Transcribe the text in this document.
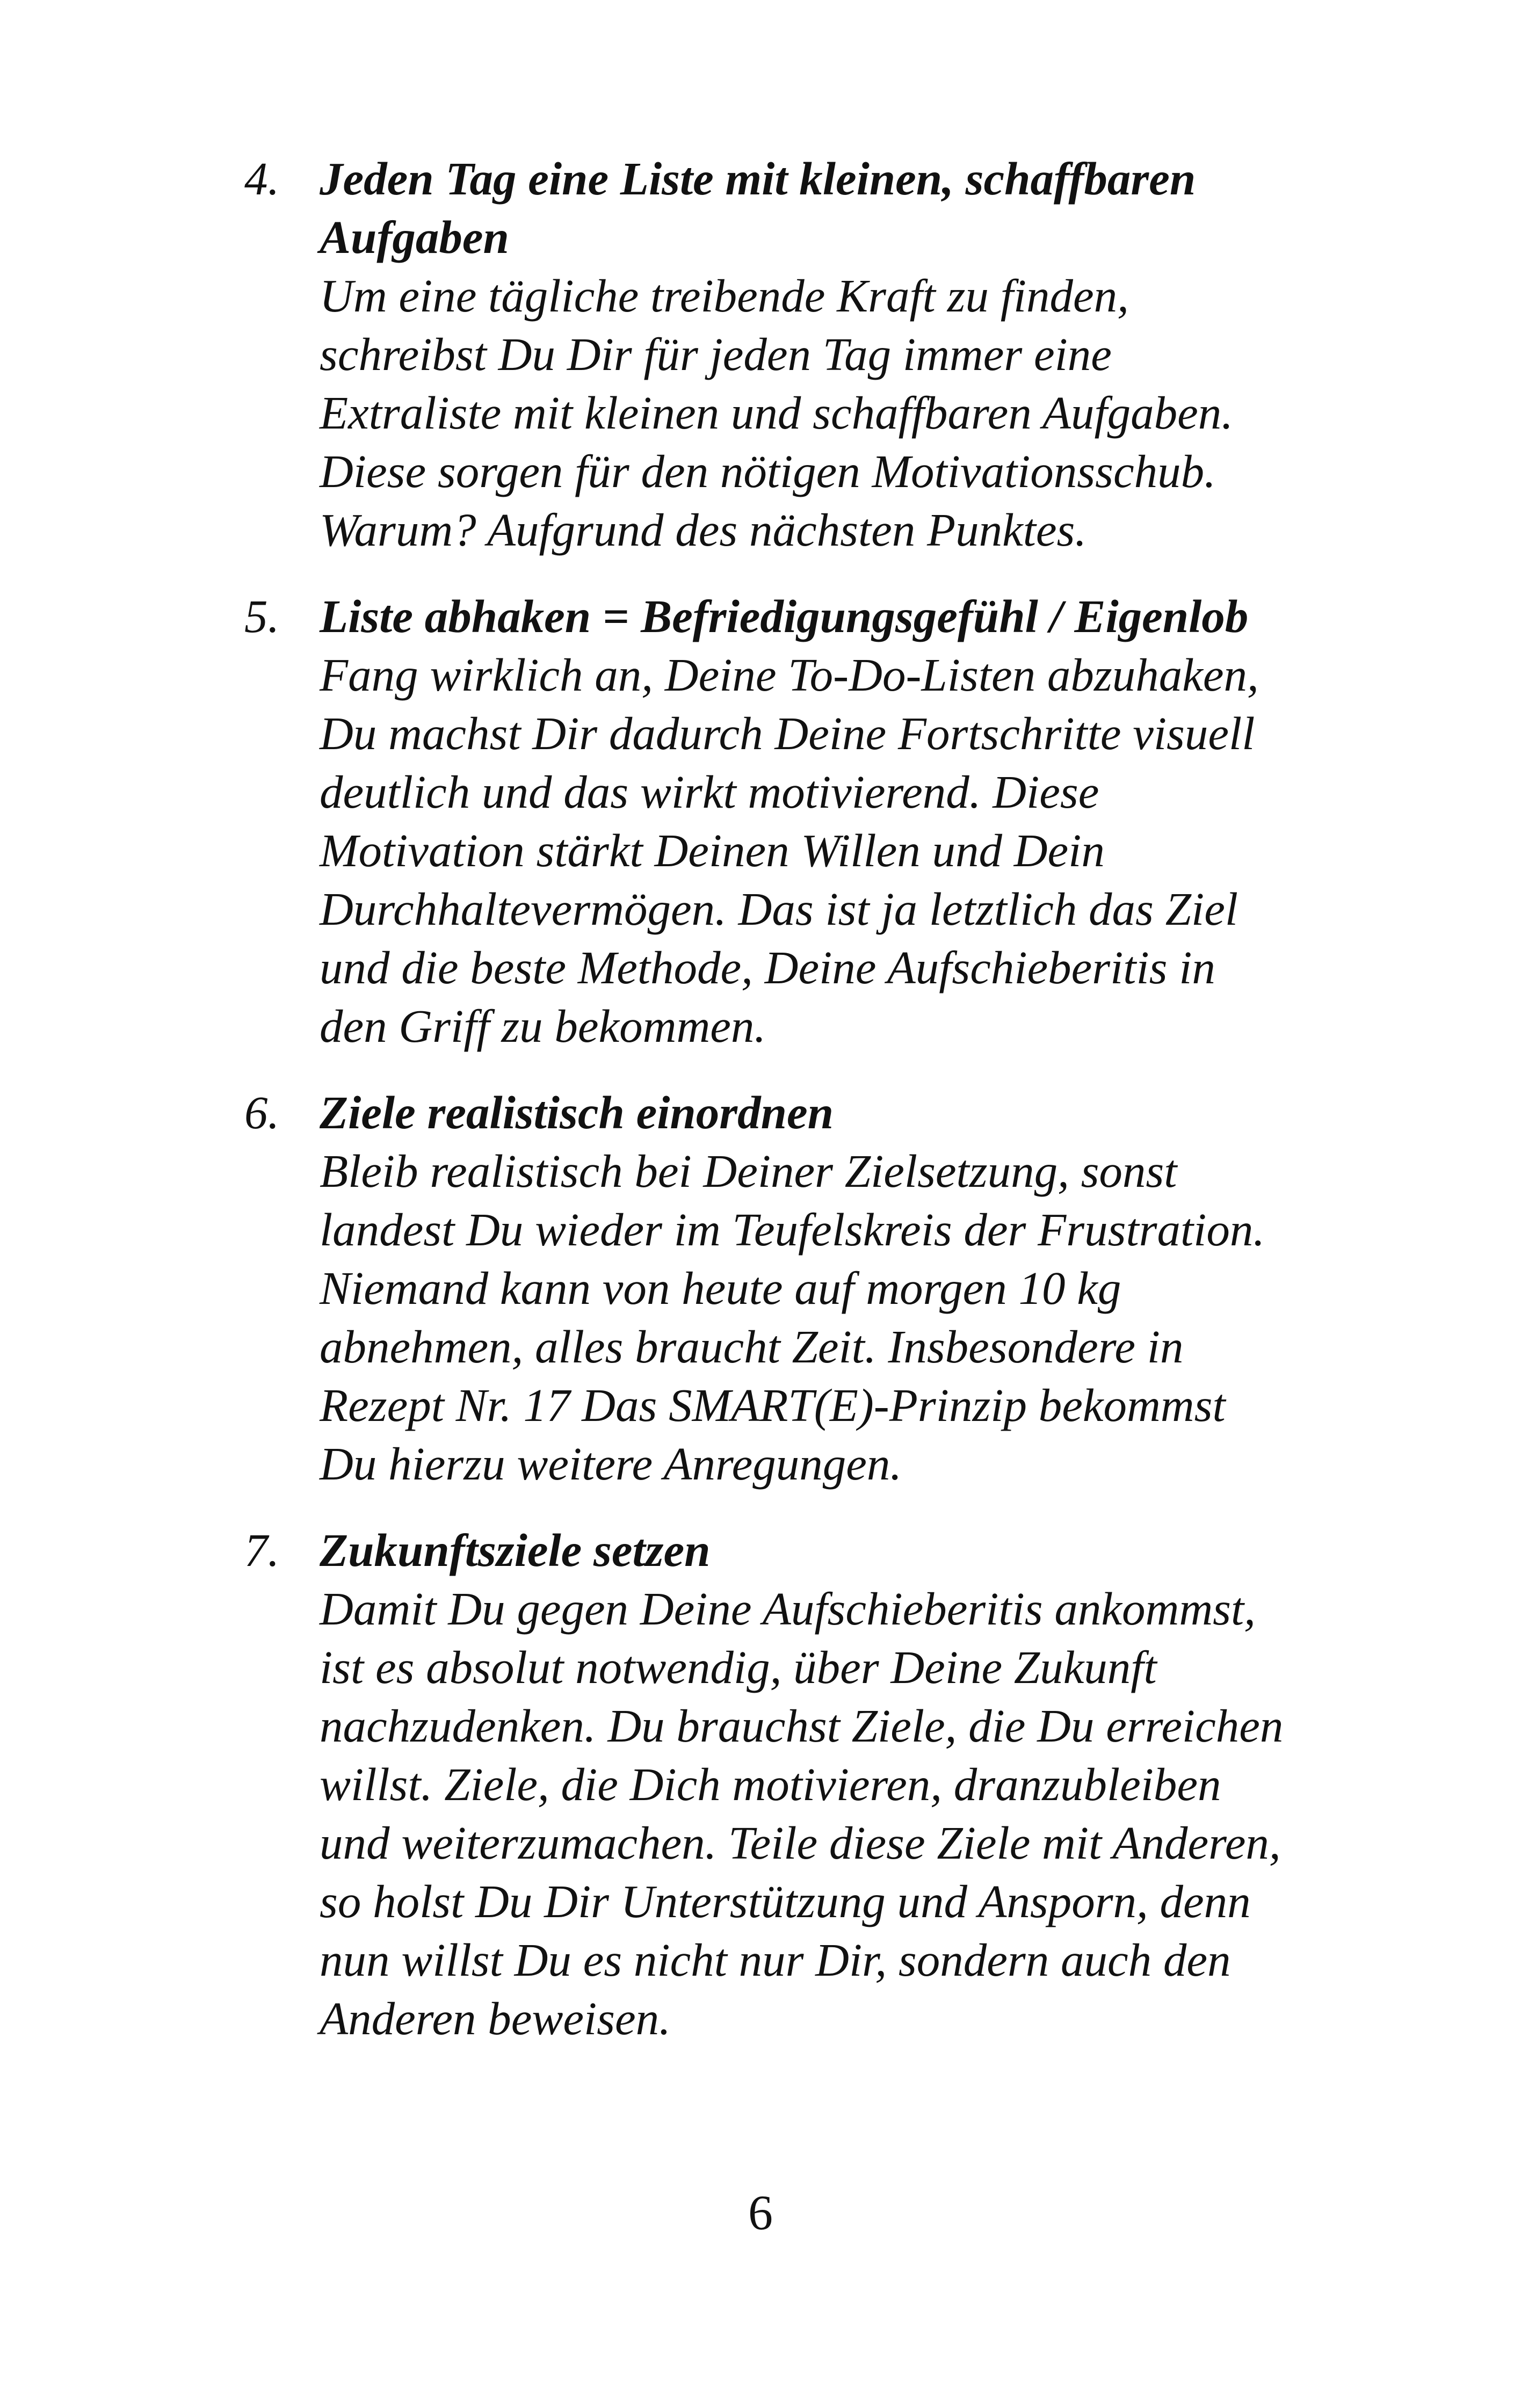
4. Jeden Tag eine Liste mit kleinen, schaffbaren
Aufgaben
Um eine tägliche treibende Kraft zu finden,
schreibst Du Dir für jeden Tag immer eine
Extraliste mit kleinen und schaffbaren Aufgaben.
Diese sorgen für den nötigen Motivationsschub.
Warum? Aufgrund des nächsten Punktes.
5. Liste abhaken = Befriedigungsgefühl / Eigenlob
Fang wirklich an, Deine To-Do-Listen abzuhaken,
Du machst Dir dadurch Deine Fortschritte visuell
deutlich und das wirkt motivierend. Diese
Motivation stärkt Deinen Willen und Dein
Durchhaltevermögen. Das ist ja letztlich das Ziel
und die beste Methode, Deine Aufschieberitis in
den Griff zu bekommen.
6. Ziele realistisch einordnen
Bleib realistisch bei Deiner Zielsetzung, sonst
landest Du wieder im Teufelskreis der Frustration.
Niemand kann von heute auf morgen 10 kg
abnehmen, alles braucht Zeit. Insbesondere in
Rezept Nr. 17 Das SMART(E)-Prinzip bekommst
Du hierzu weitere Anregungen.
7. Zukunftsziele setzen
Damit Du gegen Deine Aufschieberitis ankommst,
ist es absolut notwendig, über Deine Zukunft
nachzudenken. Du brauchst Ziele, die Du erreichen
willst. Ziele, die Dich motivieren, dranzubleiben
und weiterzumachen. Teile diese Ziele mit Anderen,
so holst Du Dir Unterstützung und Ansporn, denn
nun willst Du es nicht nur Dir, sondern auch den
Anderen beweisen.
6
